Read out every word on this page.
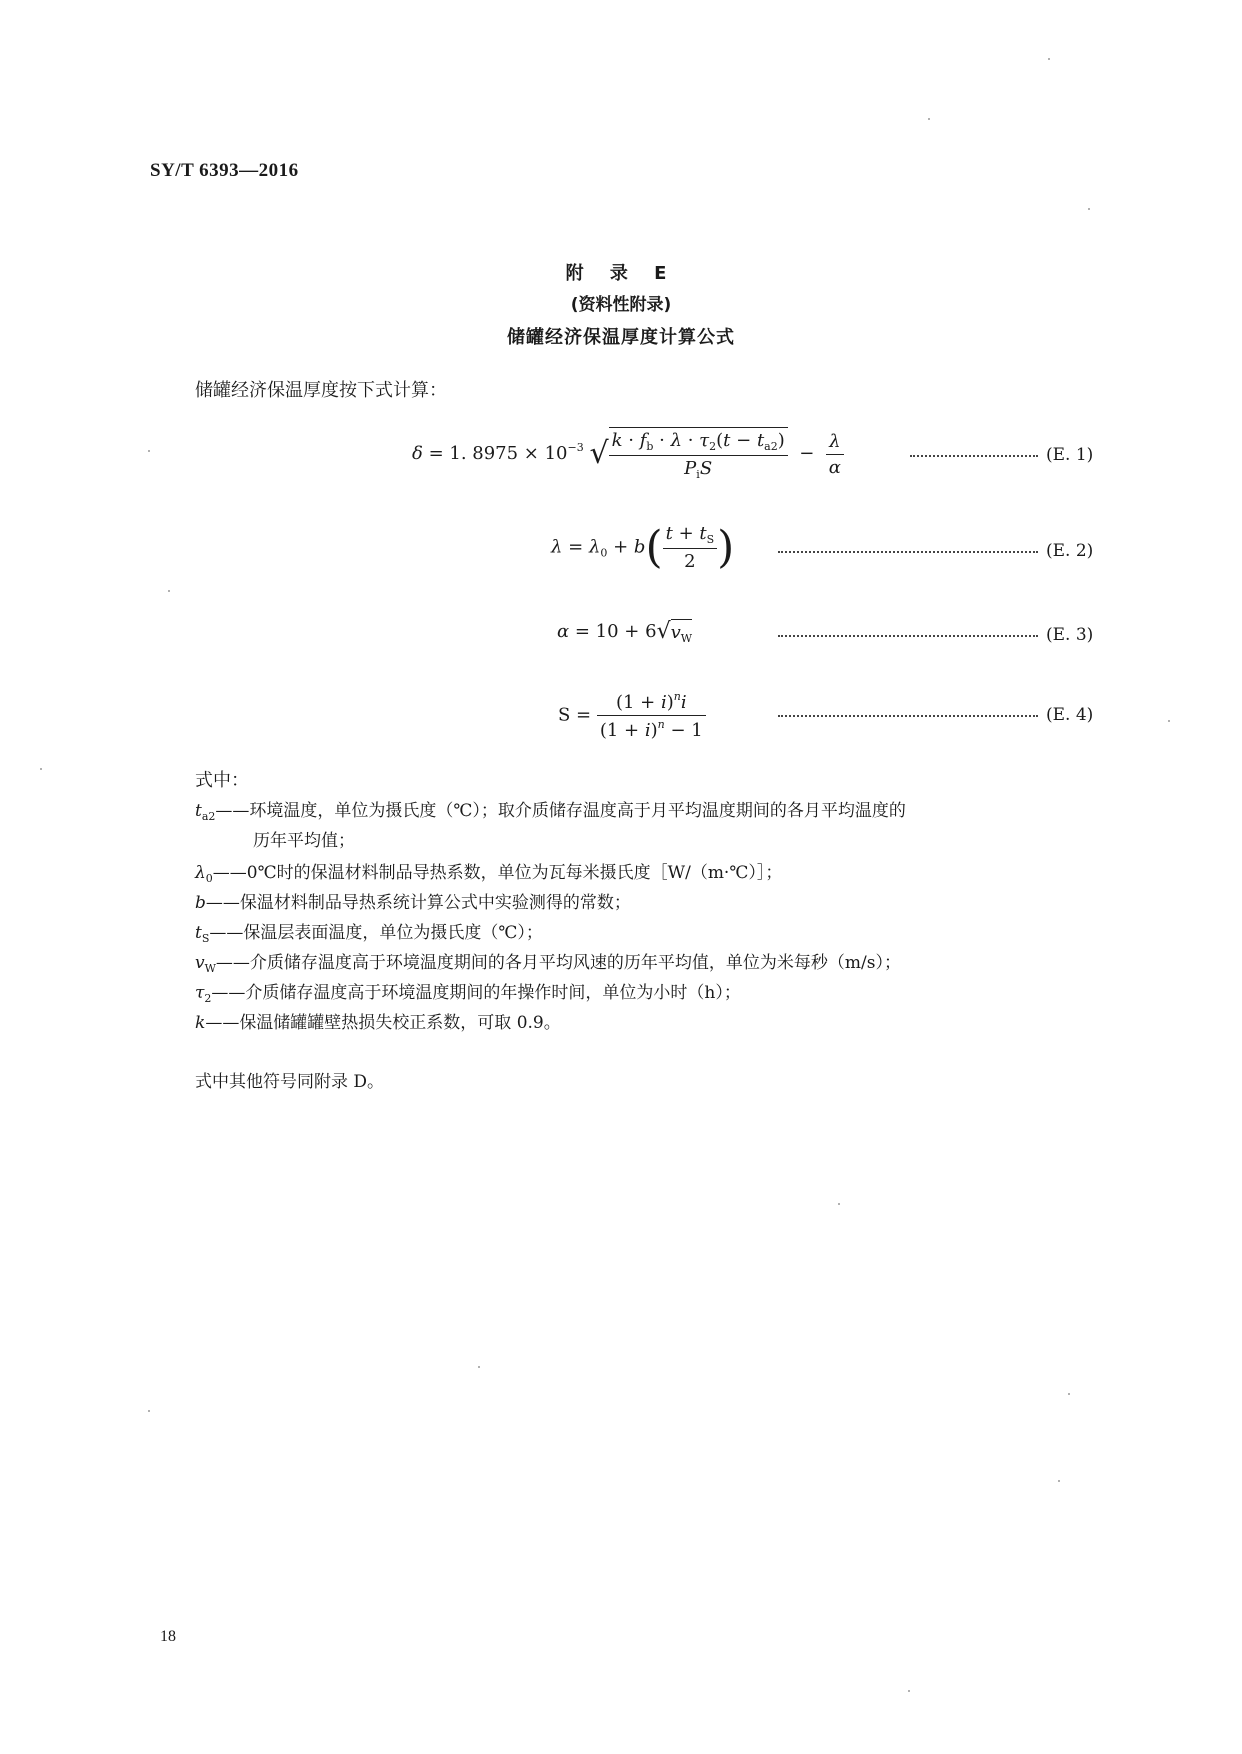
SY/T 6393—2016
附 录 E
(资料性附录)
储罐经济保温厚度计算公式
储罐经济保温厚度按下式计算：
δ = 1. $8975 \times 10^{-3}$ √ $\frac{k \cdot f_b \cdot \lambda \cdot \tau_2(t - t_{a2})}{P_iS} - \frac{\lambda}{\alpha}$	(E. 1)
$\lambda = \lambda_0 + b( \frac{t + t_S}{2}$ )	(E. 2)
$\alpha = 10 + 6√v_W$	(E. 3)
$S = \frac{(1 + i)^ni}{(1 + i)^n - 1}$	(E. 4)
式中：
$t_{a2}——$环境温度，单位为摄氏度（℃）；取介质储存温度高于月平均温度期间的各月平均温度的
历年平均值；
$\lambda_0——0℃$时的保温材料制品导热系数，单位为瓦每米摄氏度［W/（m·℃）］；
b——保温材料制品导热系统计算公式中实验测得的常数；
$t_S——$保温层表面温度，单位为摄氏度（℃）；
$v_W——$介质储存温度高于环境温度期间的各月平均风速的历年平均值，单位为米每秒（m/s）；
$\tau_2——$介质储存温度高于环境温度期间的年操作时间，单位为小时（h）；
k——保温储罐罐壁热损失校正系数，可取 0.9。
式中其他符号同附录 D。
18
